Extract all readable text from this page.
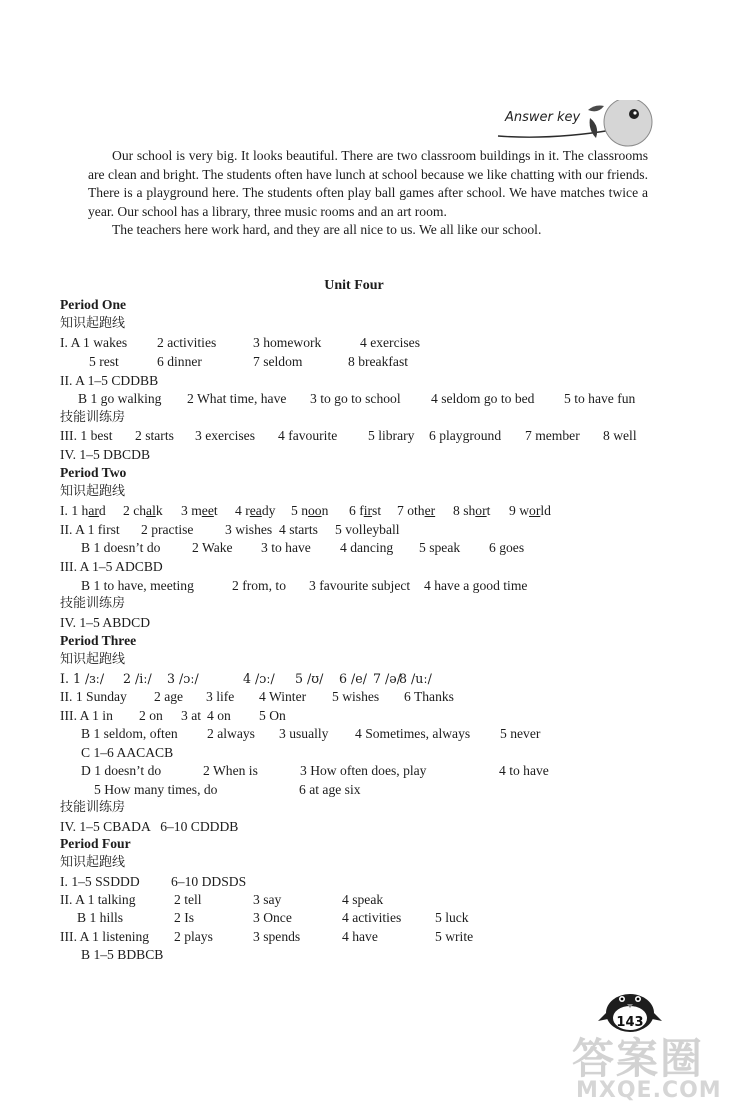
Answer key

Our school is very big. It looks beautiful. There are two classroom buildings in it. The classrooms are clean and bright. The students often have lunch at school because we like chatting with our friends. There is a playground here. The students often play ball games after school. We have matches twice a year. Our school has a library, three music rooms and an art room.

The teachers here work hard, and they are all nice to us. We all like our school.

Unit Four
Period One
知识起跑线
I. A 1 wakes 2 activities	3 homework	4 exercises
5 rest	6 dinner	7 seldom	8 breakfast
II. A 1–5 CDDBB
B 1 go walking 2 What time, have 3 to go to school 4 seldom go to bed 5 to have fun
技能训练房
III. 1 best 2 starts 3 exercises 4 favourite 5 library 6 playground 7 member 8 well
IV. 1–5 DBCDB
Period Two
知识起跑线
I. 1 hard 2 chalk 3 meet 4 ready 5 noon 6 first 7 other 8 short 9 world
II. A 1 first 2 practise 3 wishes 4 starts 5 volleyball
B 1 doesn’t do 2 Wake 3 to have 4 dancing 5 speak 6 goes
III. A 1–5 ADCBD
B 1 to have, meeting	2 from, to 3 favourite subject 4 have a good time
技能训练房
IV. 1–5 ABDCD
Period Three
知识起跑线
I. 1 /ɜː/ 2 /iː/ 3 /ɔː/	4 /ɔː/ 5 /ʊ/ 6 /e/ 7 /ə/
8 /uː/
II. 1 Sunday 2 age 3 life 4 Winter 5 wishes 6 Thanks
III. A 1 in 2 on 3 at 4 on 5 On
B 1 seldom, often 2 always 3 usually 4 Sometimes, always 5 never
C 1–6 AACACB
D 1 doesn’t do	2 When is	3 How often does, play	4 to have
5 How many times, do	6 at age six
技能训练房
IV. 1–5 CBADA   6–10 CDDDB
Period Four
知识起跑线
I. 1–5 SSDDD 6–10 DDSDS
II. A 1 talking	2 tell	3 say	4 speak
B 1 hills	2 Is	3 Once	4 activities 5 luck
III. A 1 listening 2 plays	3 spends	4 have	5 write
B 1–5 BDBCB
143
答案圈
MXQE.COM
